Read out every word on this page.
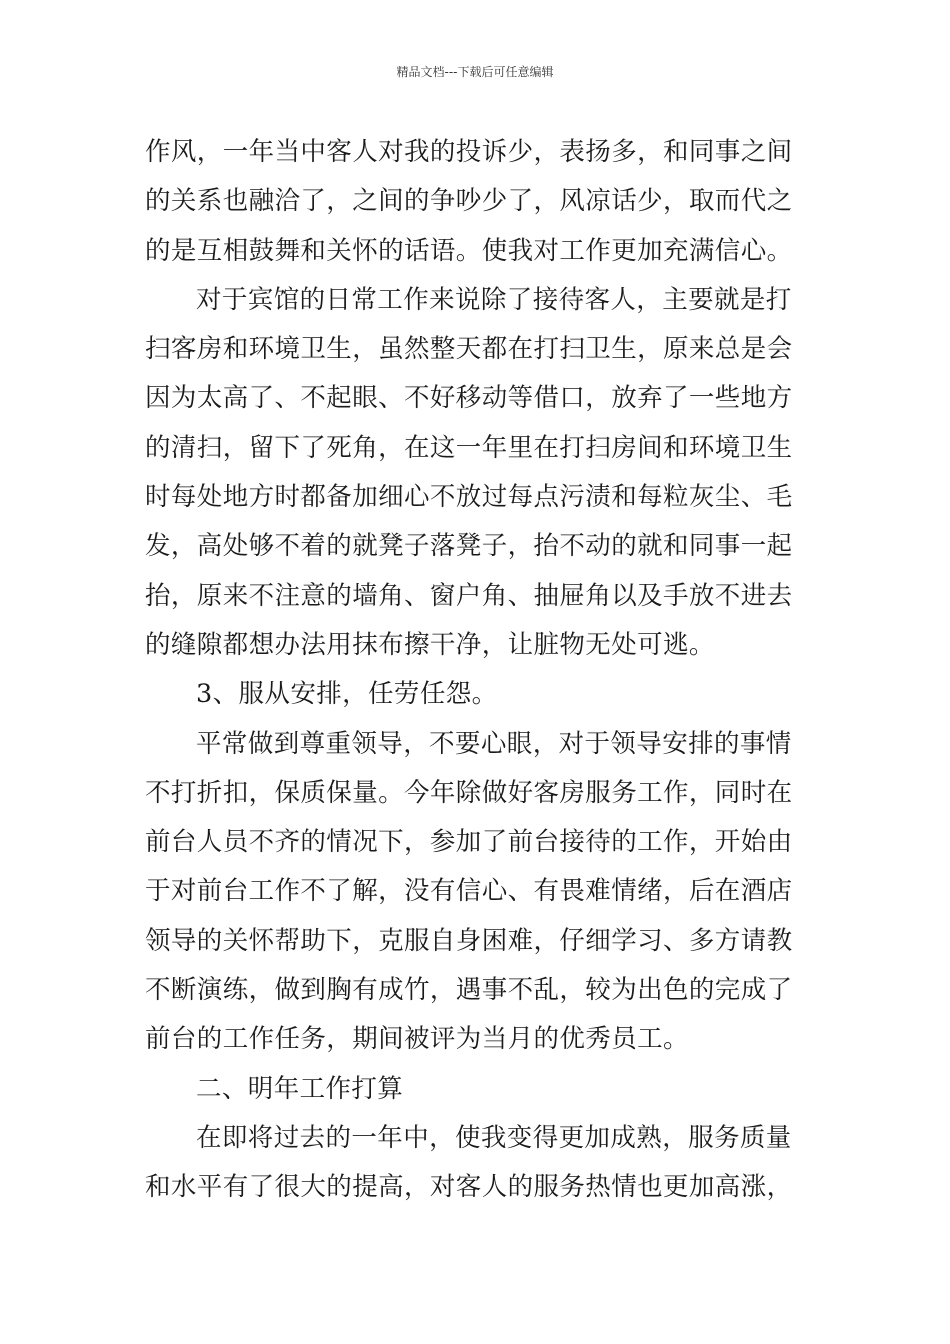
精品文档---下载后可任意编辑
作风，一年当中客人对我的投诉少，表扬多，和同事之间
的关系也融洽了，之间的争吵少了，风凉话少，取而代之
的是互相鼓舞和关怀的话语。使我对工作更加充满信心。
对于宾馆的日常工作来说除了接待客人，主要就是打
扫客房和环境卫生，虽然整天都在打扫卫生，原来总是会
因为太高了、不起眼、不好移动等借口，放弃了一些地方
的清扫，留下了死角，在这一年里在打扫房间和环境卫生
时每处地方时都备加细心不放过每点污渍和每粒灰尘、毛
发，高处够不着的就凳子落凳子，抬不动的就和同事一起
抬，原来不注意的墙角、窗户角、抽屉角以及手放不进去
的缝隙都想办法用抹布擦干净，让脏物无处可逃。
3、服从安排，任劳任怨。
平常做到尊重领导，不要心眼，对于领导安排的事情
不打折扣，保质保量。今年除做好客房服务工作，同时在
前台人员不齐的情况下，参加了前台接待的工作，开始由
于对前台工作不了解，没有信心、有畏难情绪，后在酒店
领导的关怀帮助下，克服自身困难，仔细学习、多方请教
不断演练，做到胸有成竹，遇事不乱，较为出色的完成了
前台的工作任务，期间被评为当月的优秀员工。
二、明年工作打算
在即将过去的一年中，使我变得更加成熟，服务质量
和水平有了很大的提高，对客人的服务热情也更加高涨，
